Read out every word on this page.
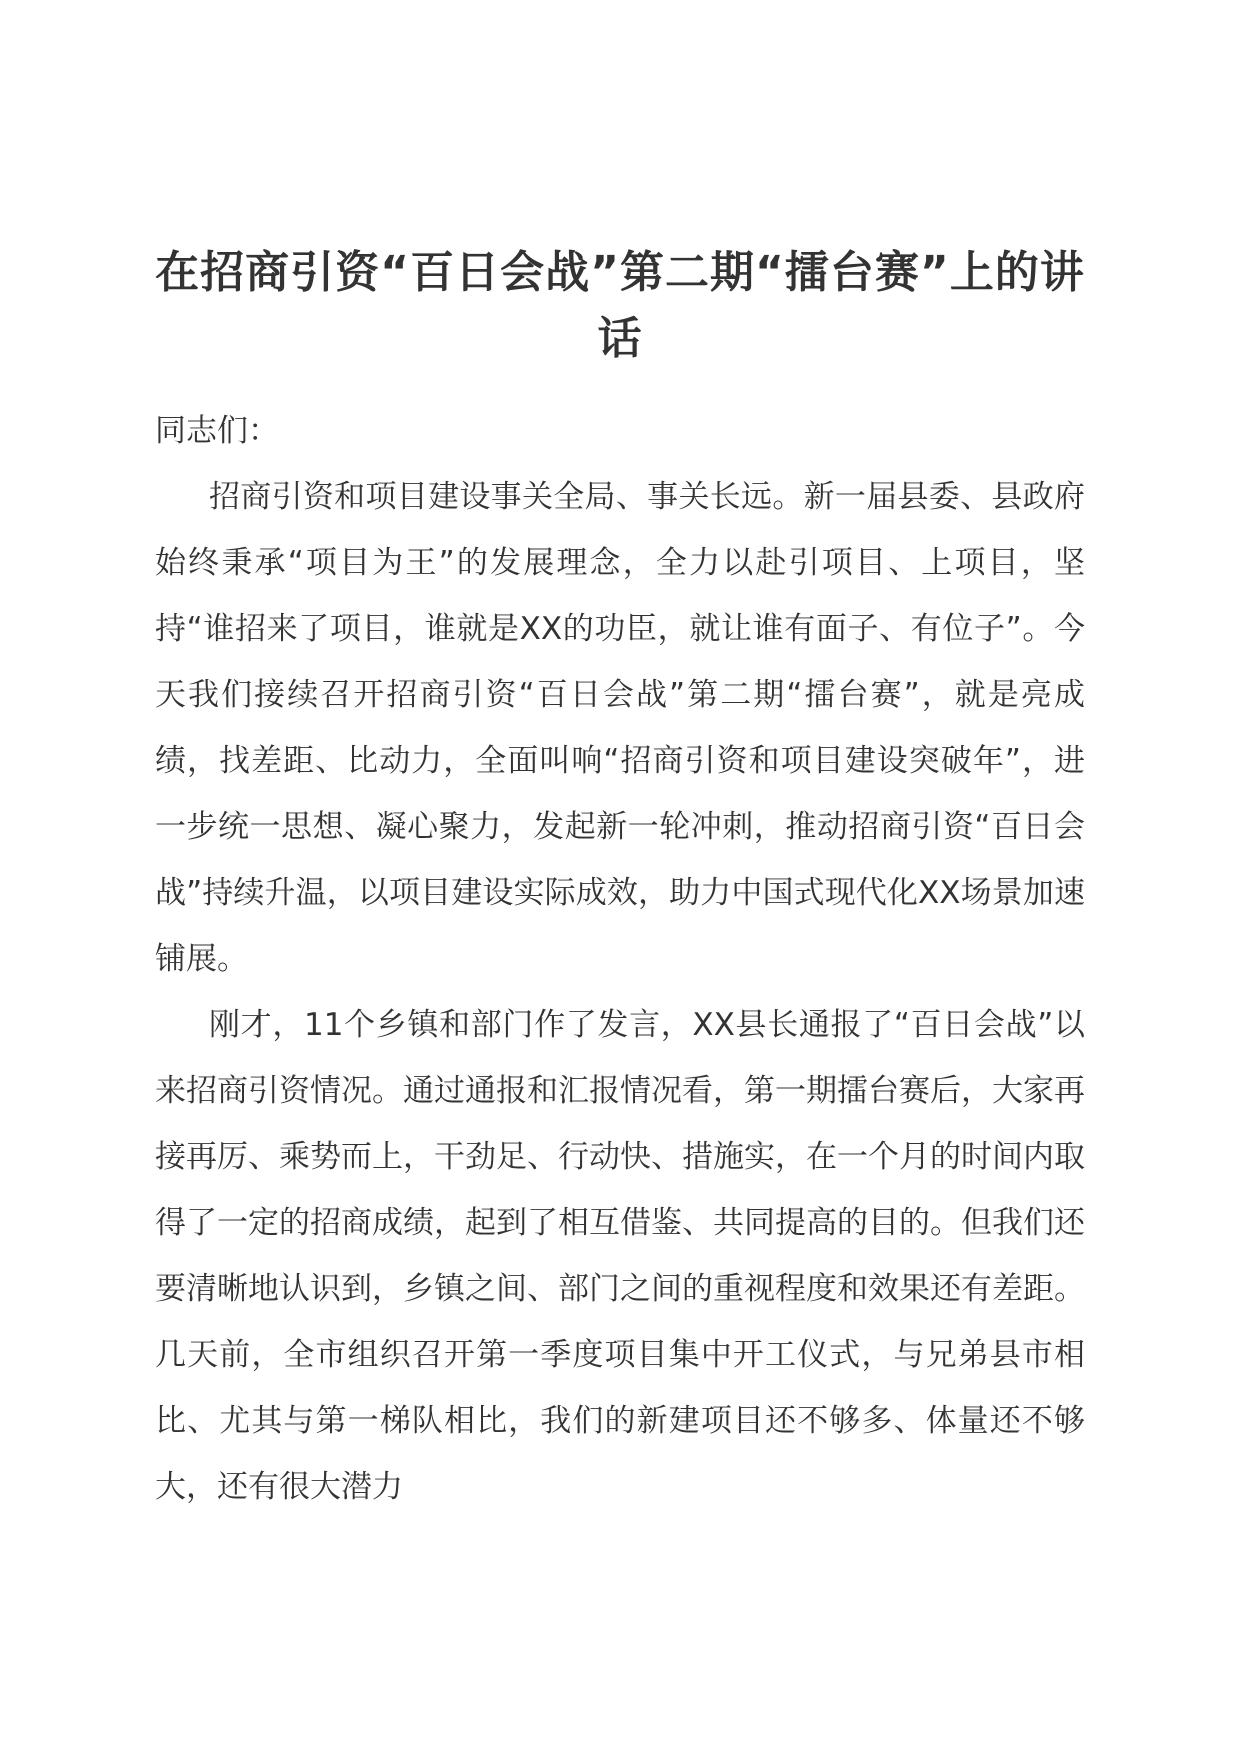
在招商引资“百日会战”第二期“擂台赛”上的讲话

同志们：

招商引资和项目建设事关全局、事关长远。新一届县委、县政府始终秉承“项目为王”的发展理念，全力以赴引项目、上项目，坚持“谁招来了项目，谁就是XX的功臣，就让谁有面子、有位子”。今天我们接续召开招商引资“百日会战”第二期“擂台赛”，就是亮成绩，找差距、比动力，全面叫响“招商引资和项目建设突破年”，进一步统一思想、凝心聚力，发起新一轮冲刺，推动招商引资“百日会战”持续升温，以项目建设实际成效，助力中国式现代化XX场景加速铺展。

刚才，11个乡镇和部门作了发言，XX县长通报了“百日会战”以来招商引资情况。通过通报和汇报情况看，第一期擂台赛后，大家再接再厉、乘势而上，干劲足、行动快、措施实，在一个月的时间内取得了一定的招商成绩，起到了相互借鉴、共同提高的目的。但我们还要清晰地认识到，乡镇之间、部门之间的重视程度和效果还有差距。几天前，全市组织召开第一季度项目集中开工仪式，与兄弟县市相比、尤其与第一梯队相比，我们的新建项目还不够多、体量还不够大，还有很大潜力
